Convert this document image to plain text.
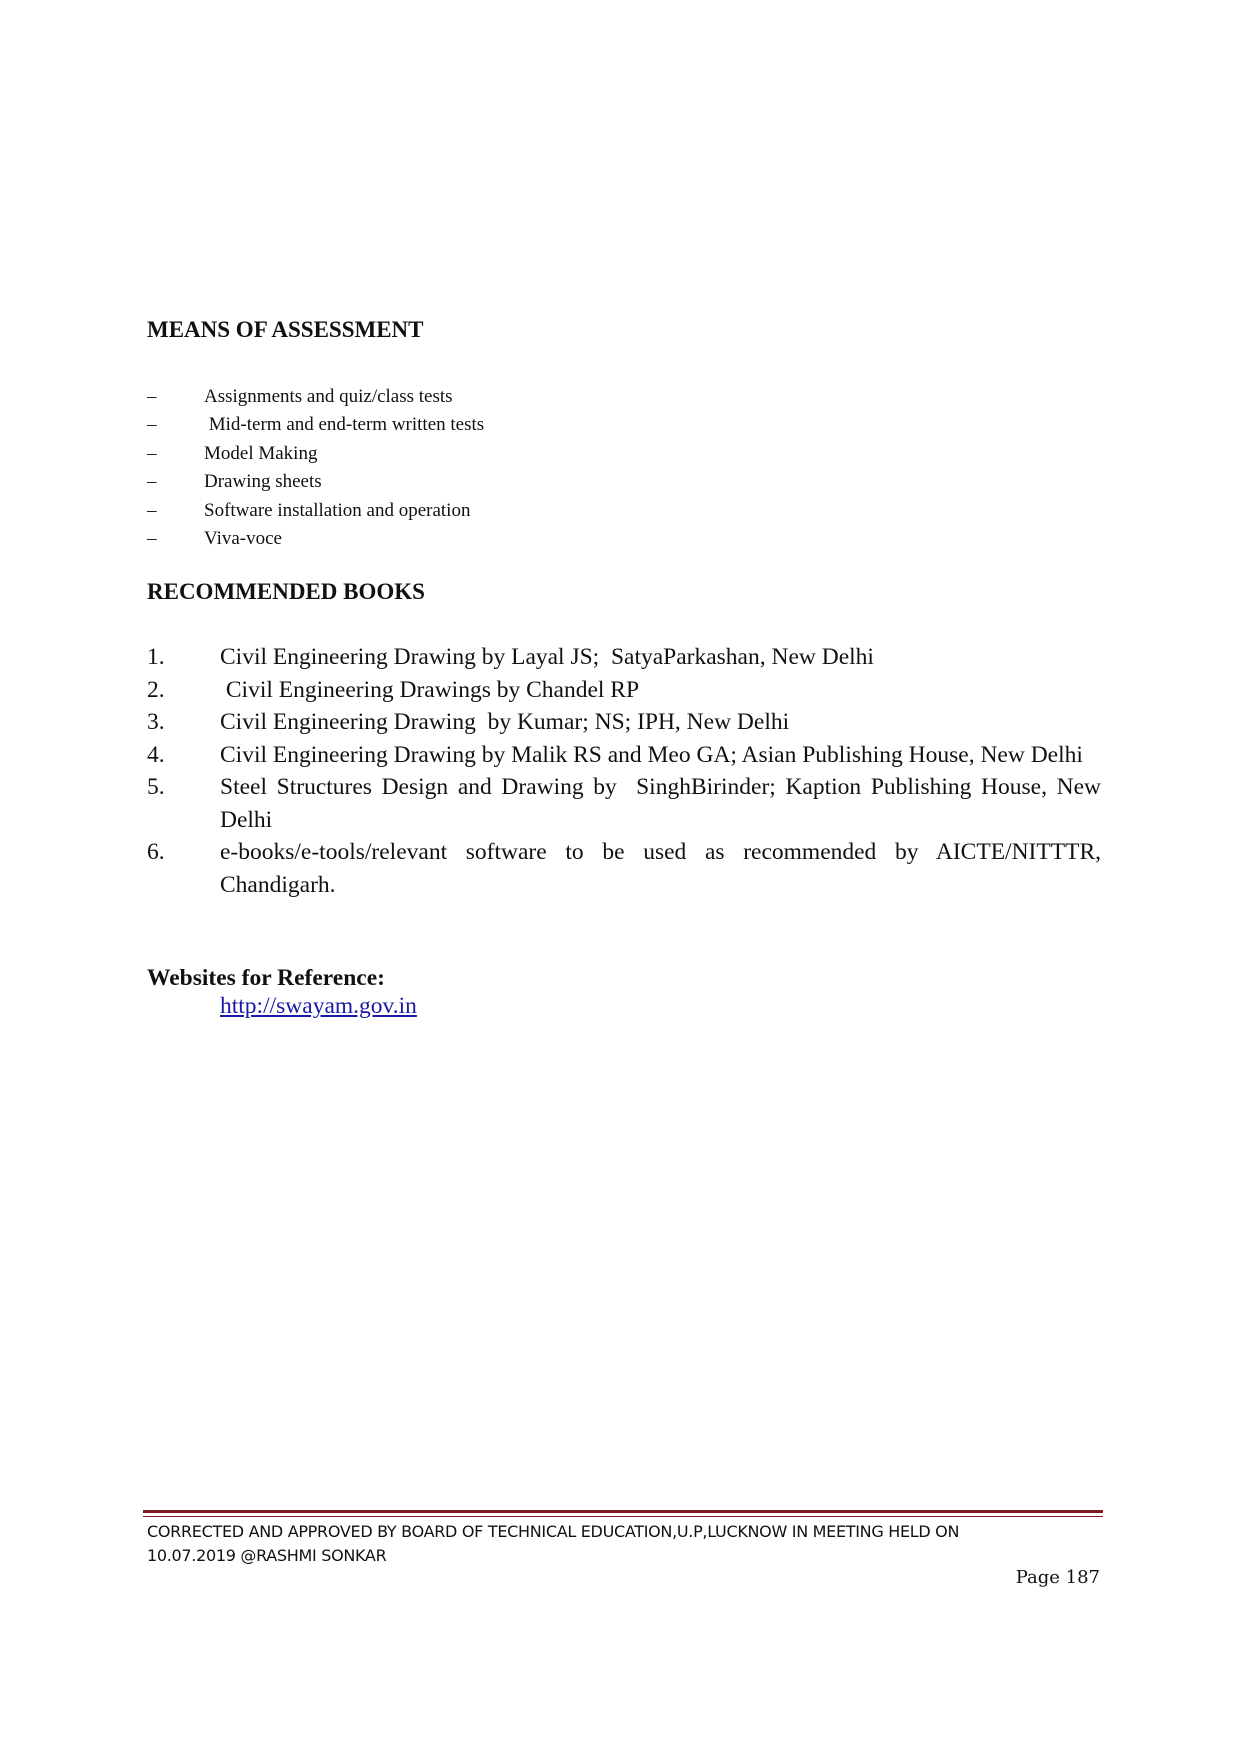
MEANS OF ASSESSMENT
–	Assignments and quiz/class tests
–	Mid-term and end-term written tests
–	Model Making
–	Drawing sheets
–	Software installation and operation
–	Viva-voce
RECOMMENDED BOOKS
1. Civil Engineering Drawing by Layal JS;  SatyaParkashan, New Delhi
2. Civil Engineering Drawings by Chandel RP
3. Civil Engineering Drawing  by Kumar; NS; IPH, New Delhi
4. Civil Engineering Drawing by Malik RS and Meo GA; Asian Publishing House, New Delhi
5. Steel Structures Design and Drawing by  SinghBirinder; Kaption Publishing House, New Delhi
6. e-books/e-tools/relevant software to be used as recommended by AICTE/NITTTR, Chandigarh.
Websites for Reference:
http://swayam.gov.in
CORRECTED AND APPROVED BY BOARD OF TECHNICAL EDUCATION,U.P,LUCKNOW IN MEETING HELD ON
10.07.2019 @RASHMI SONKAR
Page 187
